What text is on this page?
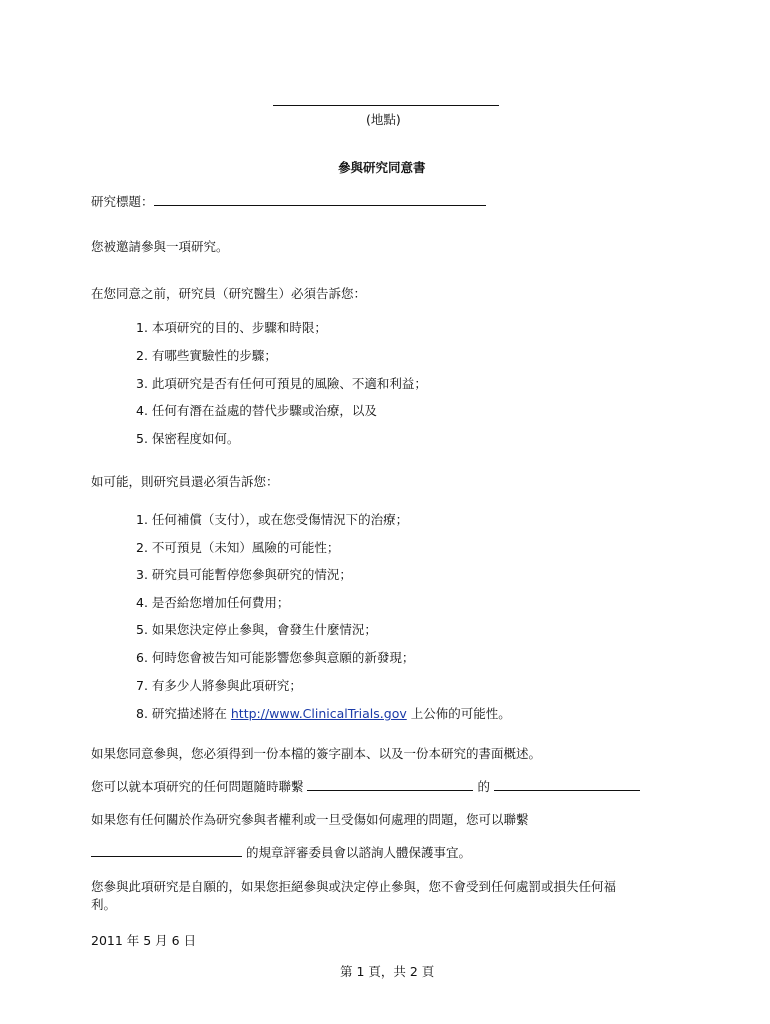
(地點)
參與研究同意書
研究標題：
您被邀請參與一項研究。
在您同意之前，研究員（研究醫生）必須告訴您：
1. 本項研究的目的、步驟和時限；
2. 有哪些實驗性的步驟；
3. 此項研究是否有任何可預見的風險、不適和利益；
4. 任何有潛在益處的替代步驟或治療，以及
5. 保密程度如何。
如可能，則研究員還必須告訴您：
1. 任何補償（支付），或在您受傷情況下的治療；
2. 不可預見（未知）風險的可能性；
3. 研究員可能暫停您參與研究的情況；
4. 是否給您增加任何費用；
5. 如果您決定停止參與，會發生什麼情況；
6. 何時您會被告知可能影響您參與意願的新發現；
7. 有多少人將參與此項研究；
8. 研究描述將在 http://www.ClinicalTrials.gov 上公佈的可能性。
如果您同意參與，您必須得到一份本檔的簽字副本、以及一份本研究的書面概述。
您可以就本項研究的任何問題隨時聯繫	的
如果您有任何關於作為研究參與者權利或一旦受傷如何處理的問題，您可以聯繫
的規章評審委員會以諮詢人體保護事宜。
您參與此項研究是自願的，如果您拒絕參與或決定停止參與，您不會受到任何處罰或損失任何福
利。
2011 年 5 月 6 日
第 1 頁，共 2 頁
